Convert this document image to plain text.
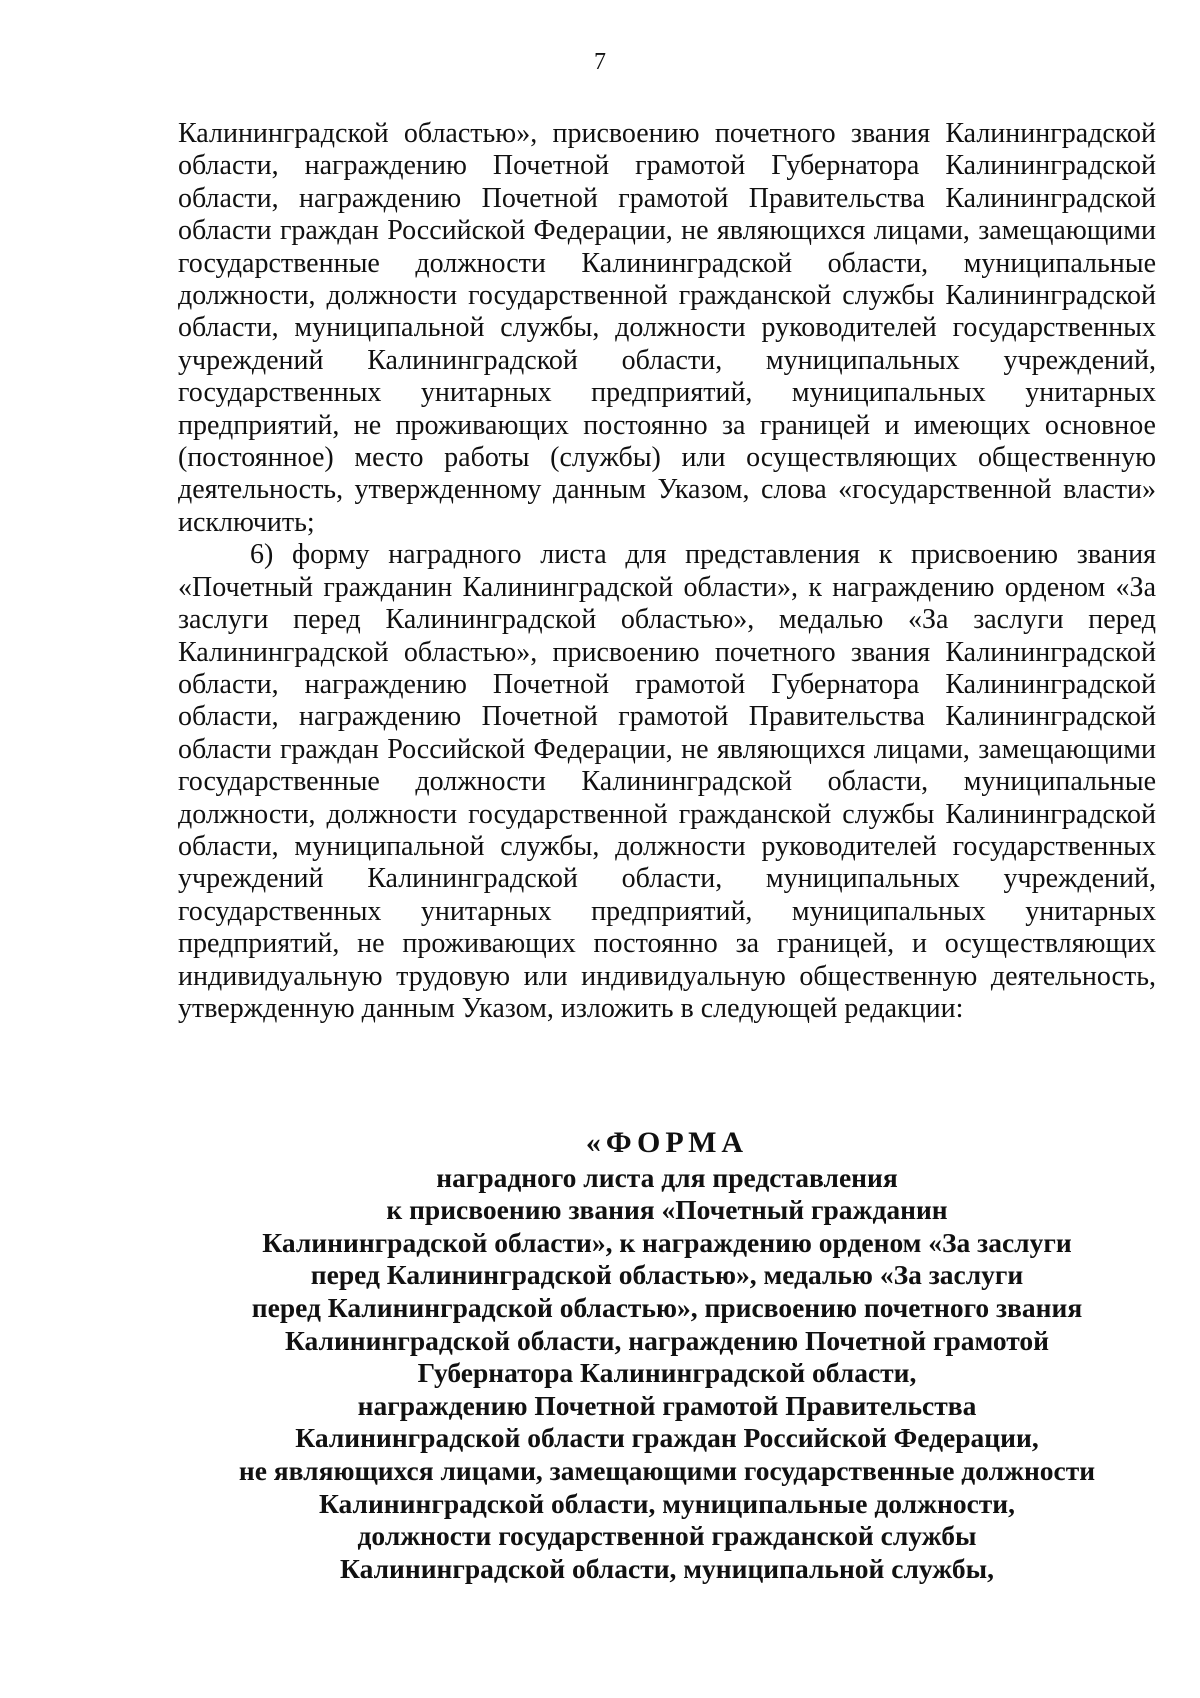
7

Калининградской областью», присвоению почетного звания Калининградской области, награждению Почетной грамотой Губернатора Калининградской области, награждению Почетной грамотой Правительства Калининградской области граждан Российской Федерации, не являющихся лицами, замещающими государственные должности Калининградской области, муниципальные должности, должности государственной гражданской службы Калининградской области, муниципальной службы, должности руководителей государственных учреждений Калининградской области, муниципальных учреждений, государственных унитарных предприятий, муниципальных унитарных предприятий, не проживающих постоянно за границей и имеющих основное (постоянное) место работы (службы) или осуществляющих общественную деятельность, утвержденному данным Указом, слова «государственной власти» исключить;

6) форму наградного листа для представления к присвоению звания «Почетный гражданин Калининградской области», к награждению орденом «За заслуги перед Калининградской областью», медалью «За заслуги перед Калининградской областью», присвоению почетного звания Калининградской области, награждению Почетной грамотой Губернатора Калининградской области, награждению Почетной грамотой Правительства Калининградской области граждан Российской Федерации, не являющихся лицами, замещающими государственные должности Калининградской области, муниципальные должности, должности государственной гражданской службы Калининградской области, муниципальной службы, должности руководителей государственных учреждений Калининградской области, муниципальных учреждений, государственных унитарных предприятий, муниципальных унитарных предприятий, не проживающих постоянно за границей, и осуществляющих индивидуальную трудовую или индивидуальную общественную деятельность, утвержденную данным Указом, изложить в следующей редакции:

«ФОРМА
наградного листа для представления
к присвоению звания «Почетный гражданин
Калининградской области», к награждению орденом «За заслуги
перед Калининградской областью», медалью «За заслуги
перед Калининградской областью», присвоению почетного звания
Калининградской области, награждению Почетной грамотой
Губернатора Калининградской области,
награждению Почетной грамотой Правительства
Калининградской области граждан Российской Федерации,
не являющихся лицами, замещающими государственные должности
Калининградской области, муниципальные должности,
должности государственной гражданской службы
Калининградской области, муниципальной службы,
